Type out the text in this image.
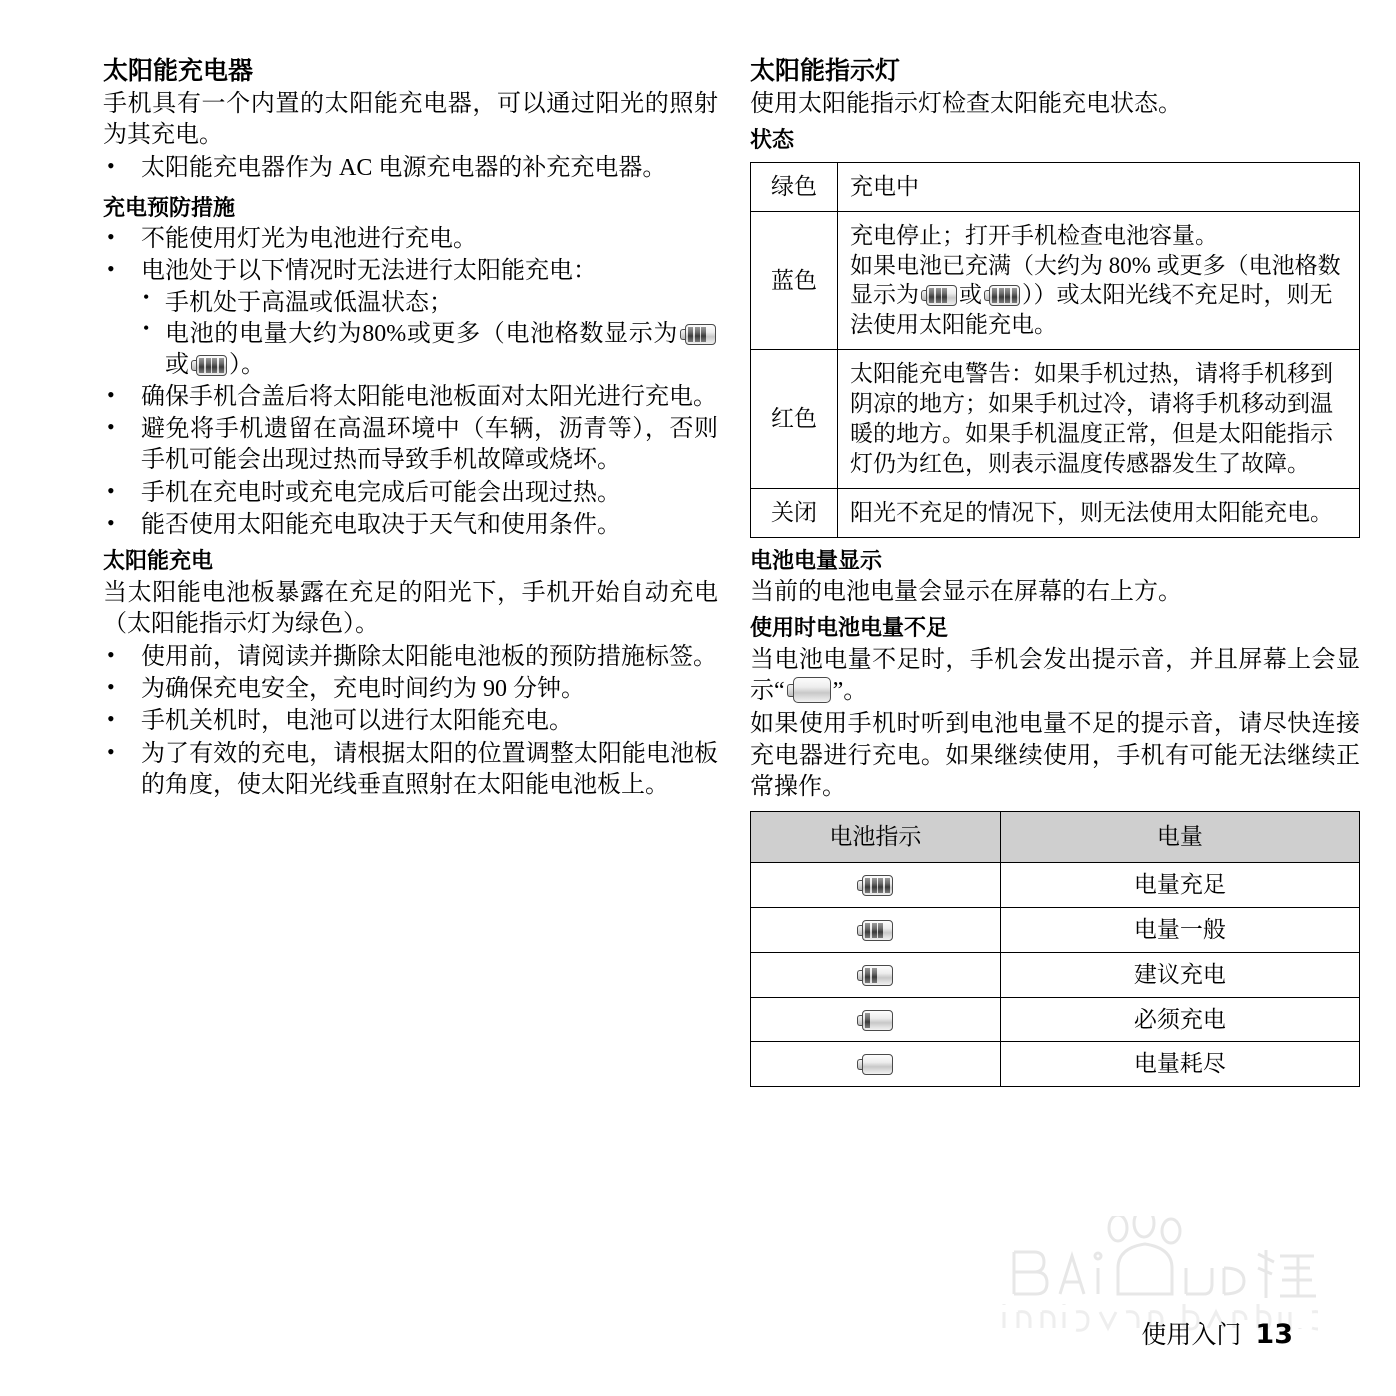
太阳能充电器

手机具有一个内置的太阳能充电器，可以通过阳光的照射为其充电。

• 太阳能充电器作为 AC 电源充电器的补充充电器。
充电预防措施
• 不能使用灯光为电池进行充电。
• 电池处于以下情况时无法进行太阳能充电：
• 手机处于高温或低温状态；
• 电池的电量大约为80%或更多（电池格数显示为
或 ）。
• 确保手机合盖后将太阳能电池板面对太阳光进行充电。
• 避免将手机遗留在高温环境中（车辆，沥青等），否则手机可能会出现过热而导致手机故障或烧坏。
• 手机在充电时或充电完成后可能会出现过热。
• 能否使用太阳能充电取决于天气和使用条件。
太阳能充电

当太阳能电池板暴露在充足的阳光下，手机开始自动充电（太阳能指示灯为绿色）。

• 使用前，请阅读并撕除太阳能电池板的预防措施标签。
• 为确保充电安全，充电时间约为 90 分钟。
• 手机关机时，电池可以进行太阳能充电。
• 为了有效的充电，请根据太阳的位置调整太阳能电池板的角度，使太阳光线垂直照射在太阳能电池板上。
太阳能指示灯

使用太阳能指示灯检查太阳能充电状态。

状态
绿色	充电中
蓝色	充电停止；打开手机检查电池容量。
如果电池已充满（大约为 80% 或更多（电池格数显示为 或 ））或太阳光线不充足时，则无法使用太阳能充电。
红色	太阳能充电警告：如果手机过热，请将手机移到阴凉的地方；如果手机过冷，请将手机移动到温暖的地方。如果手机温度正常，但是太阳能指示灯仍为红色，则表示温度传感器发生了故障。
关闭	阳光不充足的情况下，则无法使用太阳能充电。
电池电量显示

当前的电池电量会显示在屏幕的右上方。

使用时电池电量不足

当电池电量不足时，手机会发出提示音，并且屏幕上会显示“ ”。

如果使用手机时听到电池电量不足的提示音，请尽快连接充电器进行充电。如果继续使用，手机有可能无法继续正常操作。

电池指示	电量

	电量充足

	电量一般

	建议充电

	必须充电

	电量耗尽
使用入门 13
